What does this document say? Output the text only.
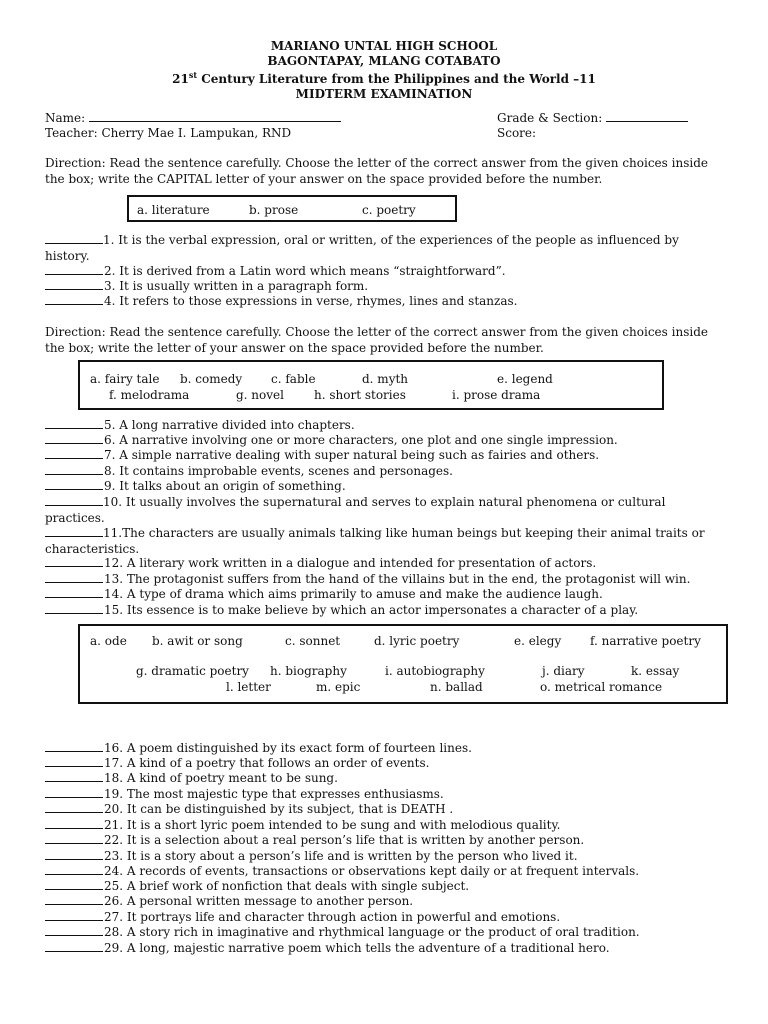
MARIANO UNTAL HIGH SCHOOL
BAGONTAPAY, MLANG COTABATO
21st Century Literature from the Philippines and the World –11
MIDTERM EXAMINATION
Name:	Grade & Section:
Teacher: Cherry Mae I. Lampukan, RND	Score:
Direction: Read the sentence carefully. Choose the letter of the correct answer from the given choices inside the box; write the CAPITAL letter of your answer on the space provided before the number.
a. literature	b. prose	c. poetry
1. It is the verbal expression, oral or written, of the experiences of the people as influenced by history.
2. It is derived from a Latin word which means “straightforward”.
3. It is usually written in a paragraph form.
4. It refers to those expressions in verse, rhymes, lines and stanzas.
Direction: Read the sentence carefully. Choose the letter of the correct answer from the given choices inside the box; write the letter of your answer on the space provided before the number.
a. fairy tale b. comedy c. fable	d. myth	e. legend
f. melodrama	g. novel	h. short stories	i. prose drama
5. A long narrative divided into chapters.
6. A narrative involving one or more characters, one plot and one single impression.
7. A simple narrative dealing with super natural being such as fairies and others.
8. It contains improbable events, scenes and personages.
9. It talks about an origin of something.
10. It usually involves the supernatural and serves to explain natural phenomena or cultural practices.
11.The characters are usually animals talking like human beings but keeping their animal traits or characteristics.
12. A literary work written in a dialogue and intended for presentation of actors.
13. The protagonist suffers from the hand of the villains but in the end, the protagonist will win.
14. A type of drama which aims primarily to amuse and make the audience laugh.
15. Its essence is to make believe by which an actor impersonates a character of a play.
a. ode b. awit or song	c. sonnet	d. lyric poetry	e. elegy f. narrative poetry
g. dramatic poetry h. biography	i. autobiography	j. diary	k. essay
l. letter	m. epic	n. ballad	o. metrical romance
16. A poem distinguished by its exact form of fourteen lines.
17. A kind of a poetry that follows an order of events.
18. A kind of poetry meant to be sung.
19. The most majestic type that expresses enthusiasms.
20. It can be distinguished by its subject, that is DEATH .
21. It is a short lyric poem intended to be sung and with melodious quality.
22. It is a selection about a real person’s life that is written by another person.
23. It is a story about a person’s life and is written by the person who lived it.
24. A records of events, transactions or observations kept daily or at frequent intervals.
25. A brief work of nonfiction that deals with single subject.
26. A personal written message to another person.
27. It portrays life and character through action in powerful and emotions.
28. A story rich in imaginative and rhythmical language or the product of oral tradition.
29. A long, majestic narrative poem which tells the adventure of a traditional hero.
